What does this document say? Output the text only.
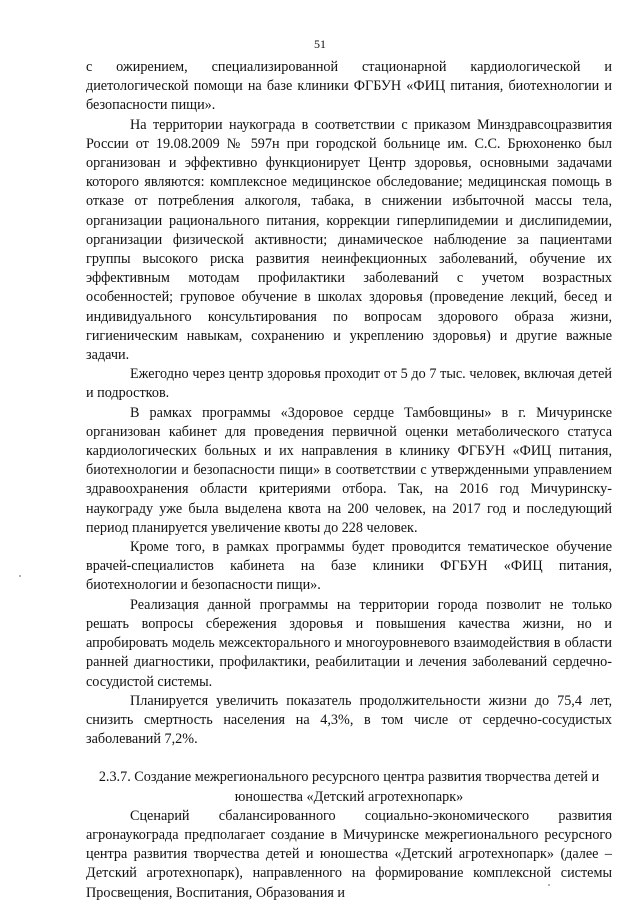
51

с ожирением, специализированной стационарной кардиологической и диетологической помощи на базе клиники ФГБУН «ФИЦ питания, биотехнологии и безопасности пищи».

На территории наукограда в соответствии с приказом Минздравсоцразвития России от 19.08.2009 № 597н при городской больнице им. С.С. Брюхоненко был организован и эффективно функционирует Центр здоровья, основными задачами которого являются: комплексное медицинское обследование; медицинская помощь в отказе от потребления алкоголя, табака, в снижении избыточной массы тела, организации рационального питания, коррекции гиперлипидемии и дислипидемии, организации физической активности; динамическое наблюдение за пациентами группы высокого риска развития неинфекционных заболеваний, обучение их эффективным мотодам профилактики заболеваний с учетом возрастных особенностей; груповое обучение в школах здоровья (проведение лекций, бесед и индивидуального консультирования по вопросам здорового образа жизни, гигиеническим навыкам, сохранению и укреплению здоровья) и другие важные задачи.

Ежегодно через центр здоровья проходит от 5 до 7 тыс. человек, включая детей и подростков.

В рамках программы «Здоровое сердце Тамбовщины» в г. Мичуринске организован кабинет для проведения первичной оценки метаболического статуса кардиологических больных и их направления в клинику ФГБУН «ФИЦ питания, биотехнологии и безопасности пищи» в соответствии с утвержденными управлением здравоохранения области критериями отбора. Так, на 2016 год Мичуринску-наукограду уже была выделена квота на 200 человек, на 2017 год и последующий период планируется увеличение квоты до 228 человек.

Кроме того, в рамках программы будет проводится тематическое обучение врачей-специалистов кабинета на базе клиники ФГБУН «ФИЦ питания, биотехнологии и безопасности пищи».

Реализация данной программы на территории города позволит не только решать вопросы сбережения здоровья и повышения качества жизни, но и апробировать модель межсекторального и многоуровневого взаимодействия в области ранней диагностики, профилактики, реабилитации и лечения заболеваний сердечно-сосудистой системы.

Планируется увеличить показатель продолжительности жизни до 75,4 лет, снизить смертность населения на 4,3%, в том числе от сердечно-сосудистых заболеваний 7,2%.

2.3.7. Создание межрегионального ресурсного центра развития творчества детей и юношества «Детский агротехнопарк»

Сценарий сбалансированного социально-экономического развития агронаукограда предполагает создание в Мичуринске межрегионального ресурсного центра развития творчества детей и юношества «Детский агротехнопарк» (далее – Детский агротехнопарк), направленного на формирование комплексной системы Просвещения, Воспитания, Образования и
